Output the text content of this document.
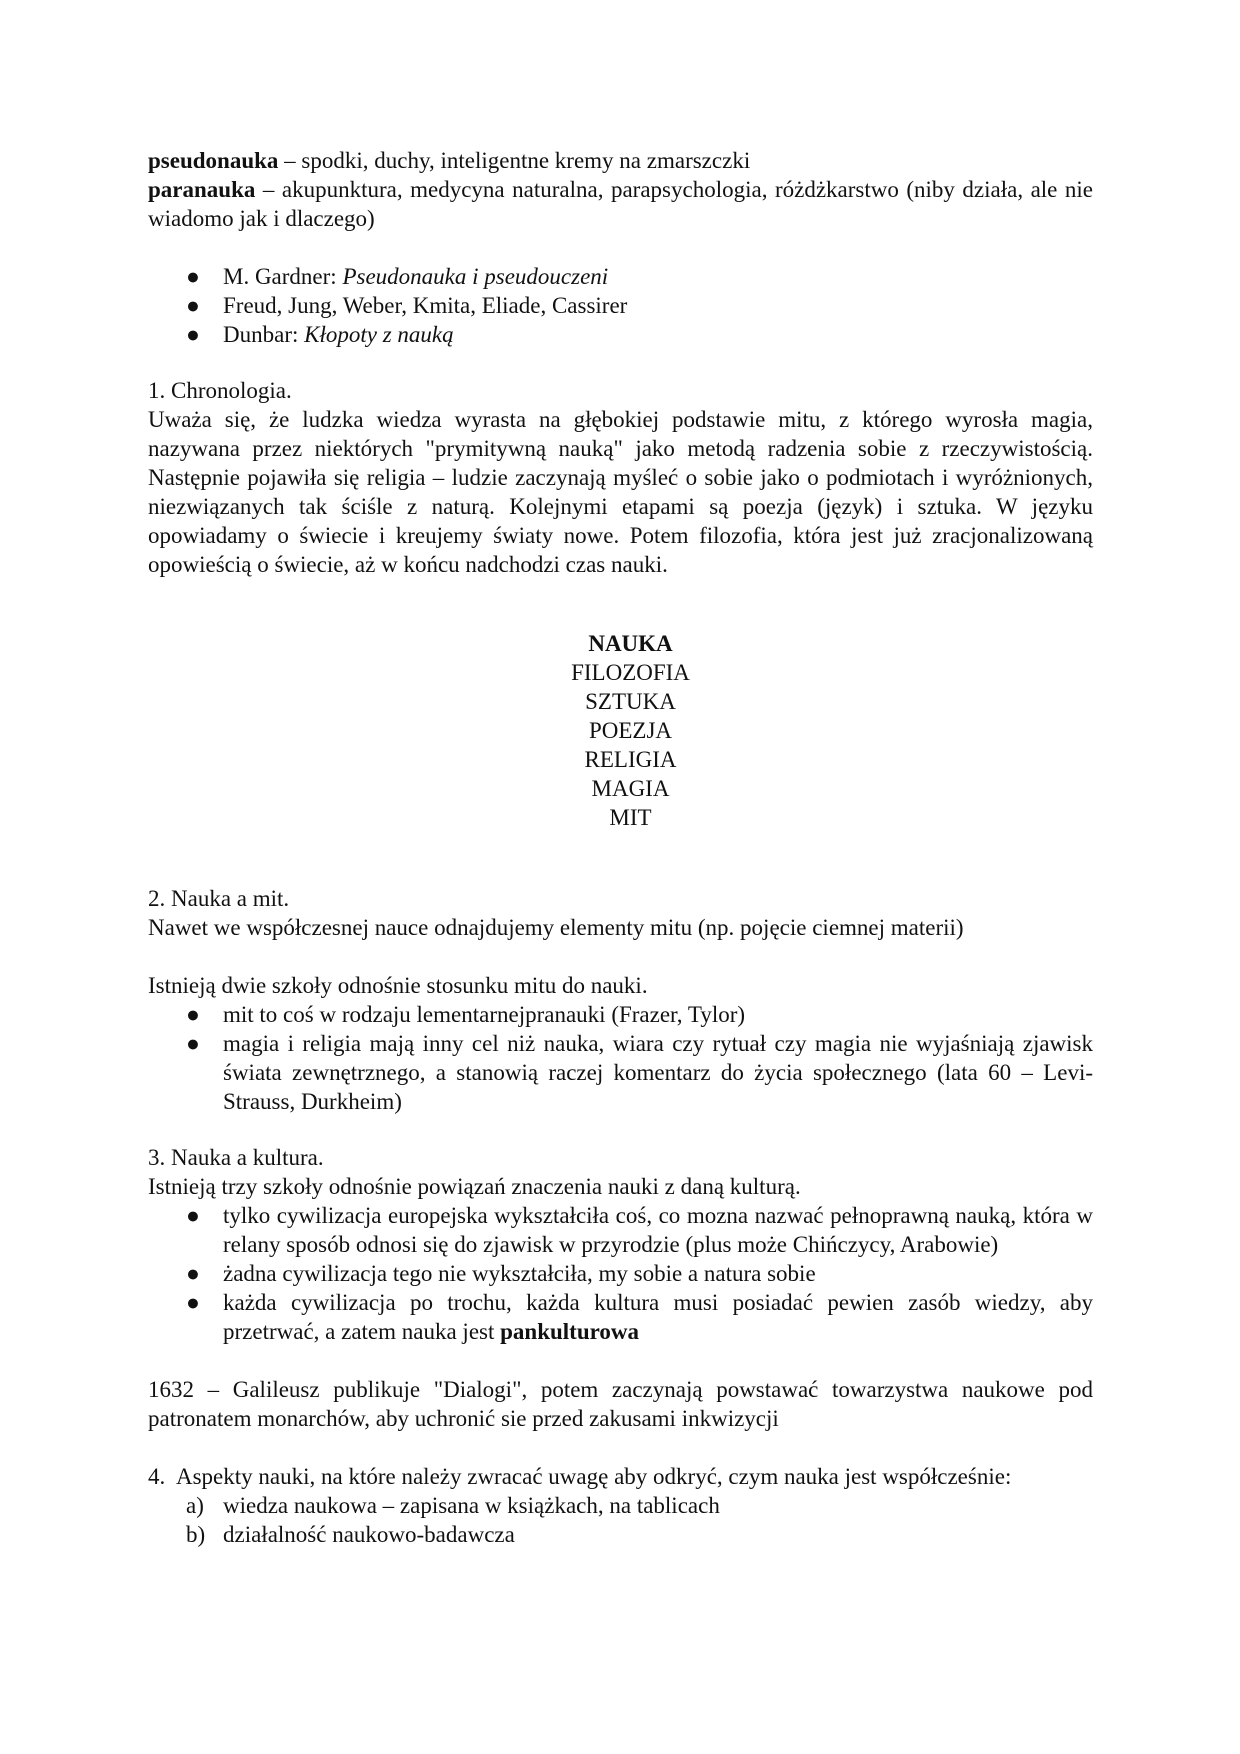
pseudonauka – spodki, duchy, inteligentne kremy na zmarszczki

paranauka – akupunktura, medycyna naturalna, parapsychologia, różdżkarstwo (niby działa, ale nie wiadomo jak i dlaczego)

● M. Gardner: Pseudonauka i pseudouczeni
● Freud, Jung, Weber, Kmita, Eliade, Cassirer
● Dunbar: Kłopoty z nauką

1. Chronologia.

Uważa się, że ludzka wiedza wyrasta na głębokiej podstawie mitu, z którego wyrosła magia, nazywana przez niektórych "prymitywną nauką" jako metodą radzenia sobie z rzeczywistością. Następnie pojawiła się religia – ludzie zaczynają myśleć o sobie jako o podmiotach i wyróżnionych, niezwiązanych tak ściśle z naturą. Kolejnymi etapami są poezja (język) i sztuka. W języku opowiadamy o świecie i kreujemy światy nowe. Potem filozofia, która jest już zracjonalizowaną opowieścią o świecie, aż w końcu nadchodzi czas nauki.

NAUKA
FILOZOFIA
SZTUKA
POEZJA
RELIGIA
MAGIA
MIT

2. Nauka a mit.

Nawet we współczesnej nauce odnajdujemy elementy mitu (np. pojęcie ciemnej materii)

Istnieją dwie szkoły odnośnie stosunku mitu do nauki.

● mit to coś w rodzaju lementarnejpranauki (Frazer, Tylor)
● magia i religia mają inny cel niż nauka, wiara czy rytuał czy magia nie wyjaśniają zjawisk świata zewnętrznego, a stanowią raczej komentarz do życia społecznego (lata 60 – Levi-Strauss, Durkheim)

3. Nauka a kultura.

Istnieją trzy szkoły odnośnie powiązań znaczenia nauki z daną kulturą.

● tylko cywilizacja europejska wykształciła coś, co mozna nazwać pełnoprawną nauką, która w relany sposób odnosi się do zjawisk w przyrodzie (plus może Chińczycy, Arabowie)
● żadna cywilizacja tego nie wykształciła, my sobie a natura sobie
● każda cywilizacja po trochu, każda kultura musi posiadać pewien zasób wiedzy, aby przetrwać, a zatem nauka jest pankulturowa

1632 – Galileusz publikuje "Dialogi", potem zaczynają powstawać towarzystwa naukowe pod patronatem monarchów, aby uchronić sie przed zakusami inkwizycji

4. Aspekty nauki, na które należy zwracać uwagę aby odkryć, czym nauka jest współcześnie:

a) wiedza naukowa – zapisana w książkach, na tablicach
b) działalność naukowo-badawcza
